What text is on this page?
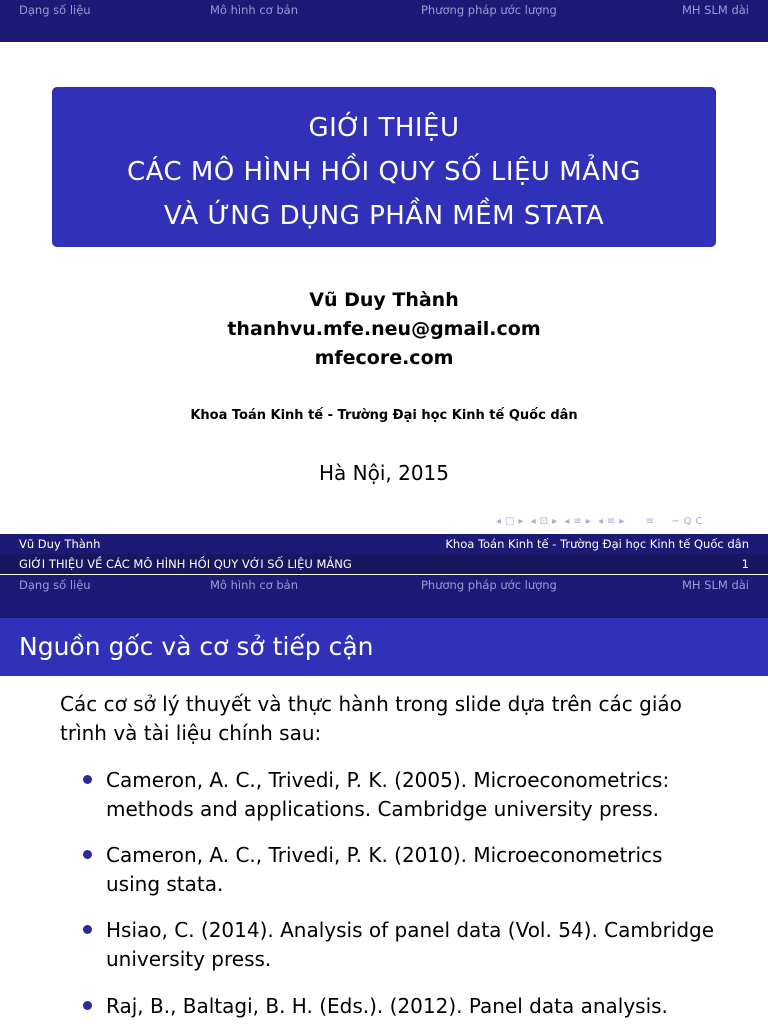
Dạng số liệu	Mô hình cơ bản	Phương pháp ước lượng	MH SLM dài
GIỚI THIỆU
CÁC MÔ HÌNH HỒI QUY SỐ LIỆU MẢNG
VÀ ỨNG DỤNG PHẦN MỀM STATA
Vũ Duy Thành
thanhvu.mfe.neu@gmail.com
mfecore.com
Khoa Toán Kinh tế - Trường Đại học Kinh tế Quốc dân
Hà Nội, 2015
◂ □ ▸ ◂ ⊡ ▸ ◂ ≡ ▸ ◂ ≡ ▸ ≡ ∽ Q C
Vũ Duy Thành	Khoa Toán Kinh tế - Trường Đại học Kinh tế Quốc dân
GIỚI THIỆU VỀ CÁC MÔ HÌNH HỒI QUY VỚI SỐ LIỆU MẢNG	1
Dạng số liệu	Mô hình cơ bản	Phương pháp ước lượng	MH SLM dài
Nguồn gốc và cơ sở tiếp cận
Các cơ sở lý thuyết và thực hành trong slide dựa trên các giáo
trình và tài liệu chính sau:
Cameron, A. C., Trivedi, P. K. (2005). Microeconometrics:
methods and applications. Cambridge university press.
Cameron, A. C., Trivedi, P. K. (2010). Microeconometrics
using stata.
Hsiao, C. (2014). Analysis of panel data (Vol. 54). Cambridge
university press.
Raj, B., Baltagi, B. H. (Eds.). (2012). Panel data analysis.
